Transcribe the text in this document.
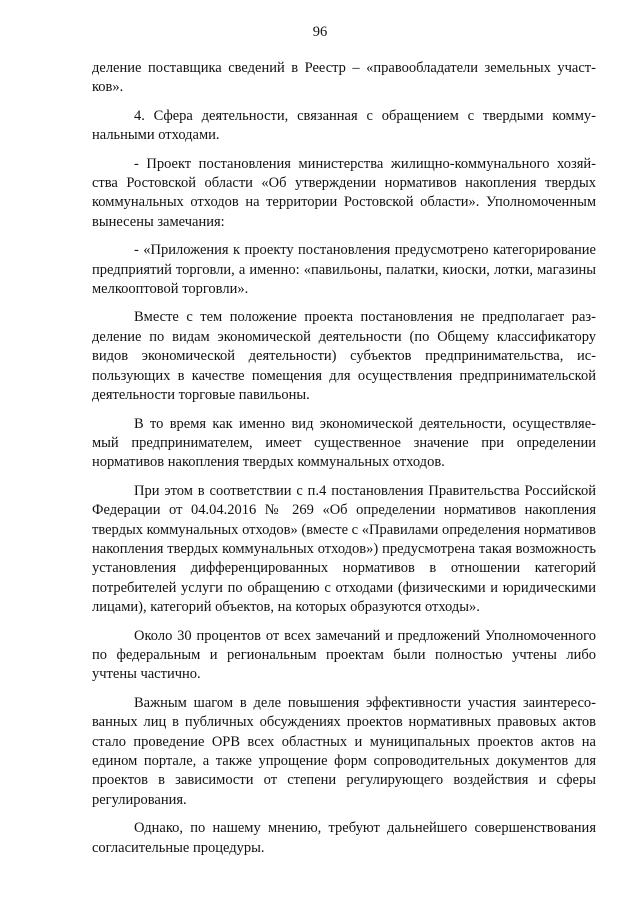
96

деление поставщика сведений в Реестр – «правообладатели земельных участков».

4. Сфера деятельности, связанная с обращением с твердыми коммунальными отходами.

- Проект постановления министерства жилищно-коммунального хозяйства Ростовской области «Об утверждении нормативов накопления твердых коммунальных отходов на территории Ростовской области». Уполномоченным вынесены замечания:

- «Приложения к проекту постановления предусмотрено категорирование предприятий торговли, а именно: «павильоны, палатки, киоски, лотки, магазины мелкооптовой торговли».

Вместе с тем положение проекта постановления не предполагает разделение по видам экономической деятельности (по Общему классификатору видов экономической деятельности) субъектов предпринимательства, использующих в качестве помещения для осуществления предпринимательской деятельности торговые павильоны.

В то время как именно вид экономической деятельности, осуществляемый предпринимателем, имеет существенное значение при определении нормативов накопления твердых коммунальных отходов.

При этом в соответствии с п.4 постановления Правительства Российской Федерации от 04.04.2016 № 269 «Об определении нормативов накопления твердых коммунальных отходов» (вместе с «Правилами определения нормативов накопления твердых коммунальных отходов») предусмотрена такая возможность установления дифференцированных нормативов в отношении категорий потребителей услуги по обращению с отходами (физическими и юридическими лицами), категорий объектов, на которых образуются отходы».

Около 30 процентов от всех замечаний и предложений Уполномоченного по федеральным и региональным проектам были полностью учтены либо учтены частично.

Важным шагом в деле повышения эффективности участия заинтересованных лиц в публичных обсуждениях проектов нормативных правовых актов стало проведение ОРВ всех областных и муниципальных проектов актов на едином портале, а также упрощение форм сопроводительных документов для проектов в зависимости от степени регулирующего воздействия и сферы регулирования.

Однако, по нашему мнению, требуют дальнейшего совершенствования согласительные процедуры.
